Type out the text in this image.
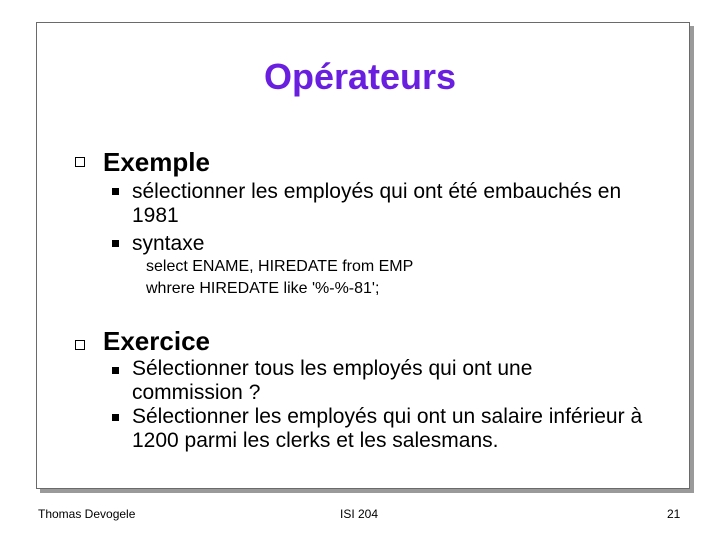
Opérateurs
Exemple
sélectionner les employés qui ont été embauchés en 1981
syntaxe
select ENAME, HIREDATE from EMP
whrere HIREDATE like '%-%-81';
Exercice
Sélectionner tous les employés qui ont une commission ?
Sélectionner les employés qui ont un salaire inférieur à 1200 parmi les clerks et les salesmans.
Thomas Devogele	ISI 204	21
